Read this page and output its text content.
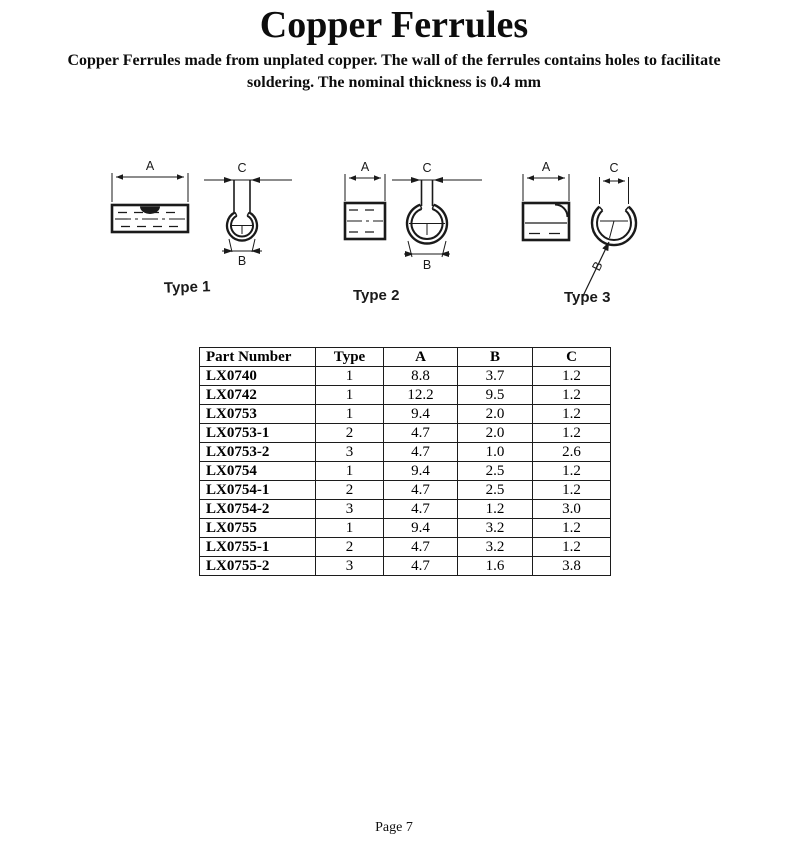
Copper Ferrules
Copper Ferrules made from unplated copper. The wall of the ferrules contains holes to facilitate
soldering. The nominal thickness is 0.4 mm
A	C
B
A	C
B
A	C
B
Type 1	Type 2	Type 3
Part Number	Type	A	B	C
LX0740	1	8.8	3.7	1.2
LX0742	1	12.2	9.5	1.2
LX0753	1	9.4	2.0	1.2
LX0753-1	2	4.7	2.0	1.2
LX0753-2	3	4.7	1.0	2.6
LX0754	1	9.4	2.5	1.2
LX0754-1	2	4.7	2.5	1.2
LX0754-2	3	4.7	1.2	3.0
LX0755	1	9.4	3.2	1.2
LX0755-1	2	4.7	3.2	1.2
LX0755-2	3	4.7	1.6	3.8
Page 7
